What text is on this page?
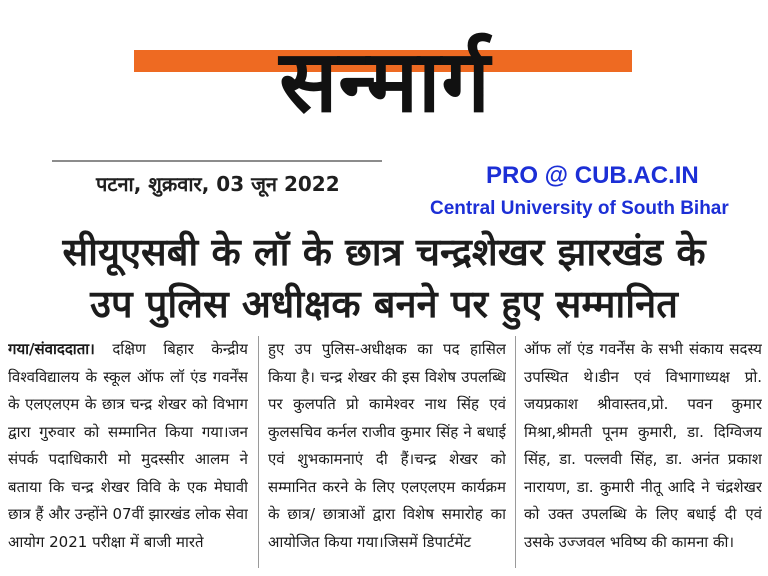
सन्मार्ग
पटना, शुक्रवार, 03 जून 2022	PRO @ CUB.AC.IN
Central University of South Bihar
सीयूएसबी के लॉ के छात्र चन्द्रशेखर झारखंड के
उप पुलिस अधीक्षक बनने पर हुए सम्मानित
गया/संवाददाता। दक्षिण बिहार केन्द्रीय विश्वविद्यालय के स्कूल ऑफ लॉ एंड गवर्नेंस के एलएलएम के छात्र चन्द्र शेखर को विभाग द्वारा गुरुवार को सम्मानित किया गया।जन संपर्क पदाधिकारी मो मुदस्सीर आलम ने बताया कि चन्द्र शेखर विवि के एक मेघावी छात्र हैं और उन्होंने 07वीं झारखंड लोक सेवा आयोग 2021 परीक्षा में बाजी मारते
हुए उप पुलिस-अधीक्षक का पद हासिल किया है। चन्द्र शेखर की इस विशेष उपलब्धि पर कुलपति प्रो कामेश्वर नाथ सिंह एवं कुलसचिव कर्नल राजीव कुमार सिंह ने बधाई एवं शुभकामनाएं दी हैं।चन्द्र शेखर को सम्मानित करने के लिए एलएलएम कार्यक्रम के छात्र/ छात्राओं द्वारा विशेष समारोह का आयोजित किया गया।जिसमें डिपार्टमेंट
ऑफ लॉ एंड गवर्नेंस के सभी संकाय सदस्य उपस्थित थे।डीन एवं विभागाध्यक्ष प्रो. जयप्रकाश श्रीवास्तव,प्रो. पवन कुमार मिश्रा,श्रीमती पूनम कुमारी, डा. दिग्विजय सिंह, डा. पल्लवी सिंह, डा. अनंत प्रकाश नारायण, डा. कुमारी नीतू आदि ने चंद्रशेखर को उक्त उपलब्धि के लिए बधाई दी एवं उसके उज्जवल भविष्य की कामना की।
